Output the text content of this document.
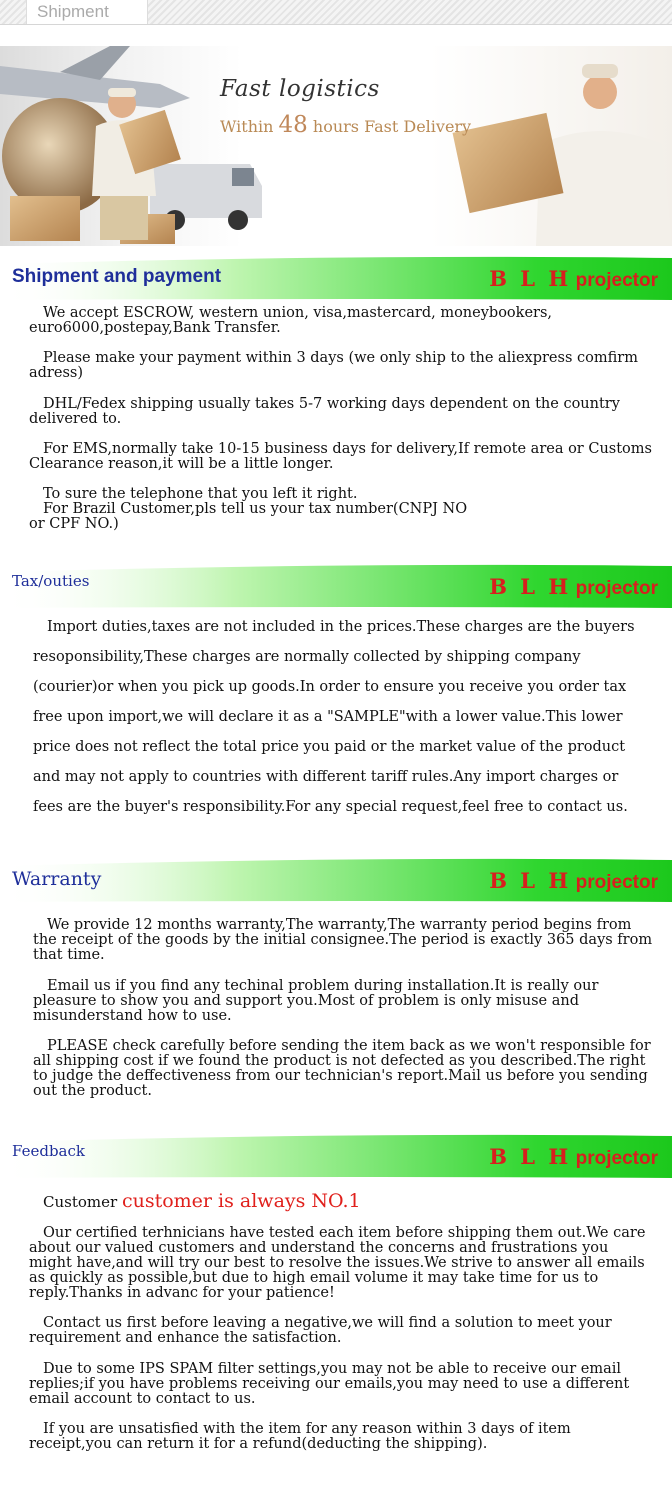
Shipment
Fast logistics
Within 48 hours Fast Delivery
Shipment and payment	B L H projector
We accept ESCROW, western union, visa,mastercard, moneybookers, euro6000,postepay,Bank Transfer.
Please make your payment within 3 days (we only ship to the aliexpress comfirm adress)
DHL/Fedex shipping usually takes 5-7 working days dependent on the country delivered to.
For EMS,normally take 10-15 business days for delivery,If remote area or Customs Clearance reason,it will be a little longer.
To sure the telephone that you left it right.
For Brazil Customer,pls tell us your tax number(CNPJ NO or CPF NO.)
Tax/outies	B L H projector
Import duties,taxes are not included in the prices.These charges are the buyers resoponsibility,These charges are normally collected by shipping company (courier)or when you pick up goods.In order to ensure you receive you order tax free upon import,we will declare it as a "SAMPLE"with a lower value.This lower price does not reflect the total price you paid or the market value of the product and may not apply to countries with different tariff rules.Any import charges or fees are the buyer's responsibility.For any special request,feel free to contact us.
Warranty	B L H projector
We provide 12 months warranty,The warranty,The warranty period begins from the receipt of the goods by the initial consignee.The period is exactly 365 days from that time.
Email us if you find any techinal problem during installation.It is really our pleasure to show you and support you.Most of problem is only misuse and misunderstand how to use.
PLEASE check carefully before sending the item back as we won't responsible for all shipping cost if we found the product is not defected as you described.The right to judge the deffectiveness from our technician's report.Mail us before you sending out the product.
Feedback	B L H projector
Customer customer is always NO.1
Our certified terhnicians have tested each item before shipping them out.We care about our valued customers and understand the concerns and frustrations you might have,and will try our best to resolve the issues.We strive to answer all emails as quickly as possible,but due to high email volume it may take time for us to reply.Thanks in advanc for your patience!
Contact us first before leaving a negative,we will find a solution to meet your requirement and enhance the satisfaction.
Due to some IPS SPAM filter settings,you may not be able to receive our email replies;if you have problems receiving our emails,you may need to use a different email account to contact to us.
If you are unsatisfied with the item for any reason within 3 days of item receipt,you can return it for a refund(deducting the shipping).
